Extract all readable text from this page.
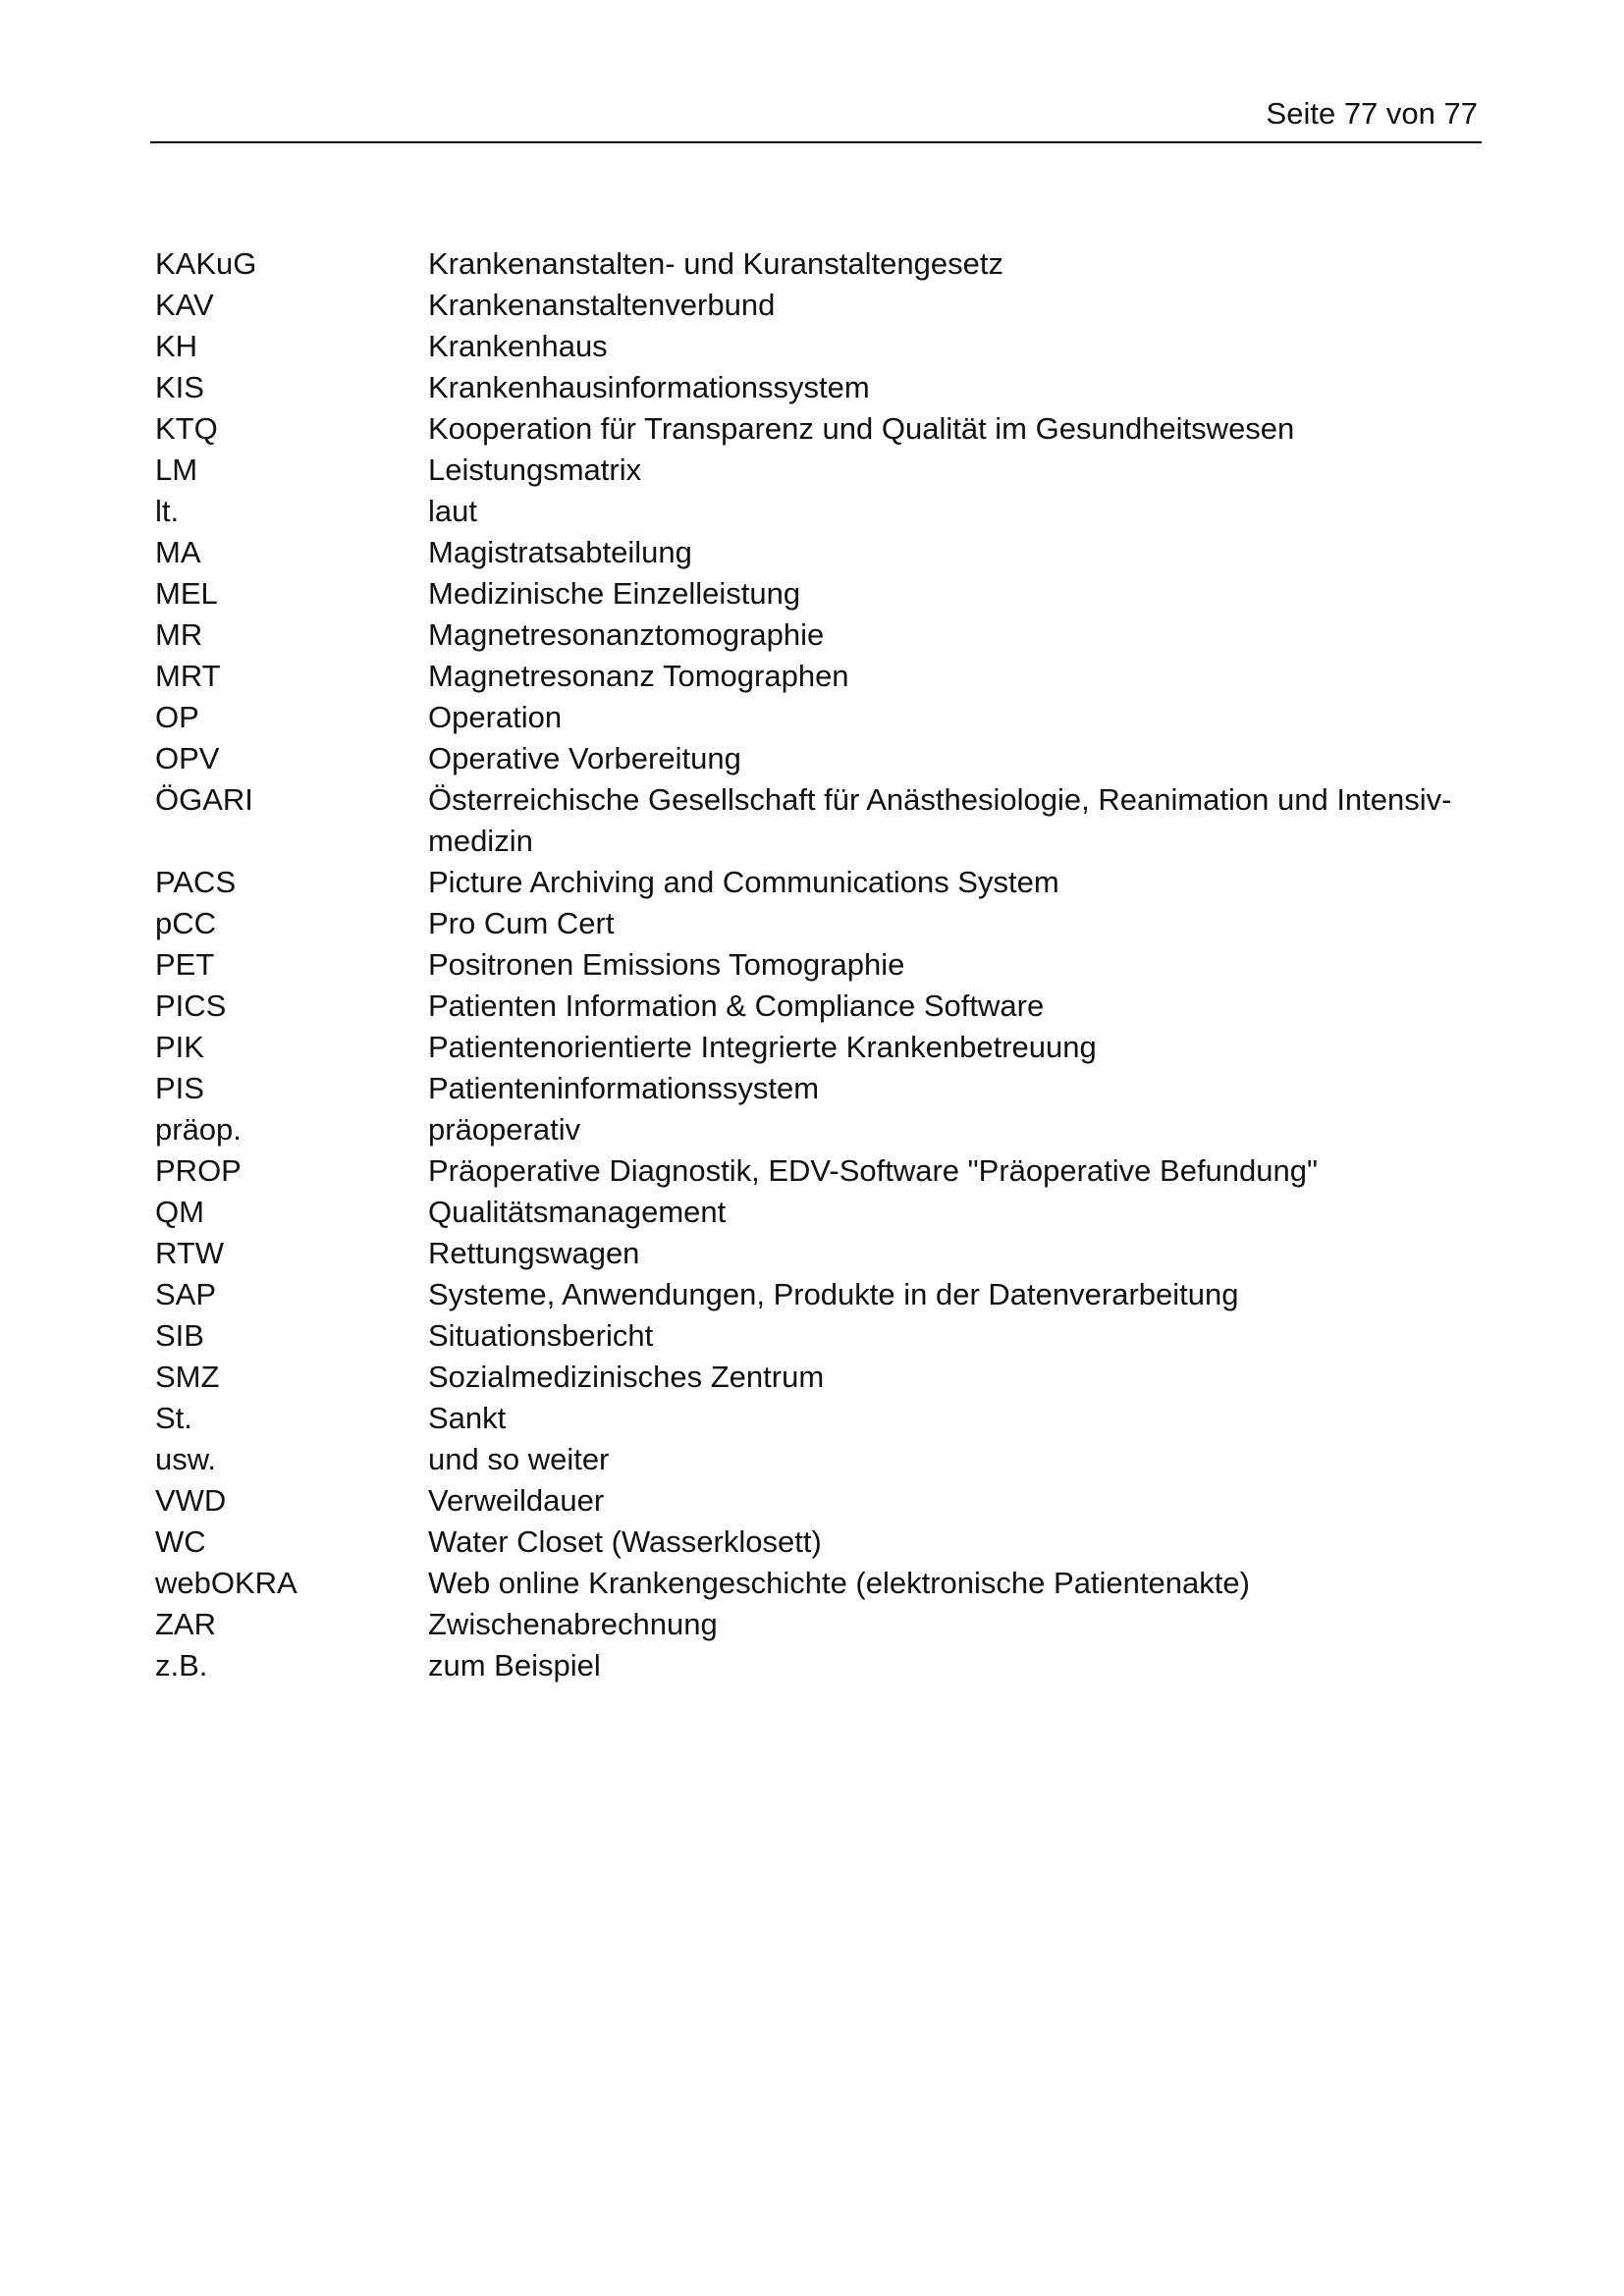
Seite 77 von 77
KAKuG	Krankenanstalten- und Kuranstaltengesetz
KAV	Krankenanstaltenverbund
KH	Krankenhaus
KIS	Krankenhausinformationssystem
KTQ	Kooperation für Transparenz und Qualität im Gesundheitswesen
LM	Leistungsmatrix
lt.	laut
MA	Magistratsabteilung
MEL	Medizinische Einzelleistung
MR	Magnetresonanztomographie
MRT	Magnetresonanz Tomographen
OP	Operation
OPV	Operative Vorbereitung
ÖGARI	Österreichische Gesellschaft für Anästhesiologie, Reanimation und Intensiv-medizin
PACS	Picture Archiving and Communications System
pCC	Pro Cum Cert
PET	Positronen Emissions Tomographie
PICS	Patienten Information & Compliance Software
PIK	Patientenorientierte Integrierte Krankenbetreuung
PIS	Patienteninformationssystem
präop.	präoperativ
PROP	Präoperative Diagnostik, EDV-Software "Präoperative Befundung"
QM	Qualitätsmanagement
RTW	Rettungswagen
SAP	Systeme, Anwendungen, Produkte in der Datenverarbeitung
SIB	Situationsbericht
SMZ	Sozialmedizinisches Zentrum
St.	Sankt
usw.	und so weiter
VWD	Verweildauer
WC	Water Closet (Wasserklosett)
webOKRA	Web online Krankengeschichte (elektronische Patientenakte)
ZAR	Zwischenabrechnung
z.B.	zum Beispiel
